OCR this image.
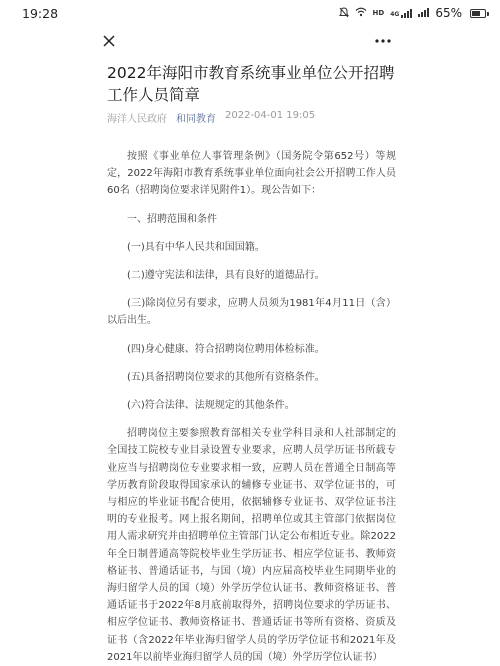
19:28	HD 4G	65%
2022年海阳市教育系统事业单位公开招聘工作人员简章
海洋人民政府 和同教育 2022-04-01 19:05

按照《事业单位人事管理条例》（国务院令第652号）等规定，2022年海阳市教育系统事业单位面向社会公开招聘工作人员60名（招聘岗位要求详见附件1）。现公告如下：

一、招聘范围和条件

(一)具有中华人民共和国国籍。

(二)遵守宪法和法律，具有良好的道德品行。

(三)除岗位另有要求，应聘人员须为1981年4月11日（含）以后出生。

(四)身心健康、符合招聘岗位聘用体检标准。

(五)具备招聘岗位要求的其他所有资格条件。

(六)符合法律、法规规定的其他条件。

招聘岗位主要参照教育部相关专业学科目录和人社部制定的全国技工院校专业目录设置专业要求，应聘人员学历证书所载专业应当与招聘岗位专业要求相一致，应聘人员在普通全日制高等学历教育阶段取得国家承认的辅修专业证书、双学位证书的，可与相应的毕业证书配合使用，依据辅修专业证书、双学位证书注明的专业报考。网上报名期间，招聘单位或其主管部门依据岗位用人需求研究并由招聘单位主管部门认定公布相近专业。除2022年全日制普通高等院校毕业生学历证书、相应学位证书、教师资格证书、普通话证书，与国（境）内应届高校毕业生同期毕业的海归留学人员的国（境）外学历学位认证书、教师资格证书、普通话证书于2022年8月底前取得外，招聘岗位要求的学历证书、相应学位证书、教师资格证书、普通话证书等所有资格、资质及证书（含2022年毕业海归留学人员的学历学位证书和2021年及2021年以前毕业海归留学人员的国（境）外学历学位认证书）
